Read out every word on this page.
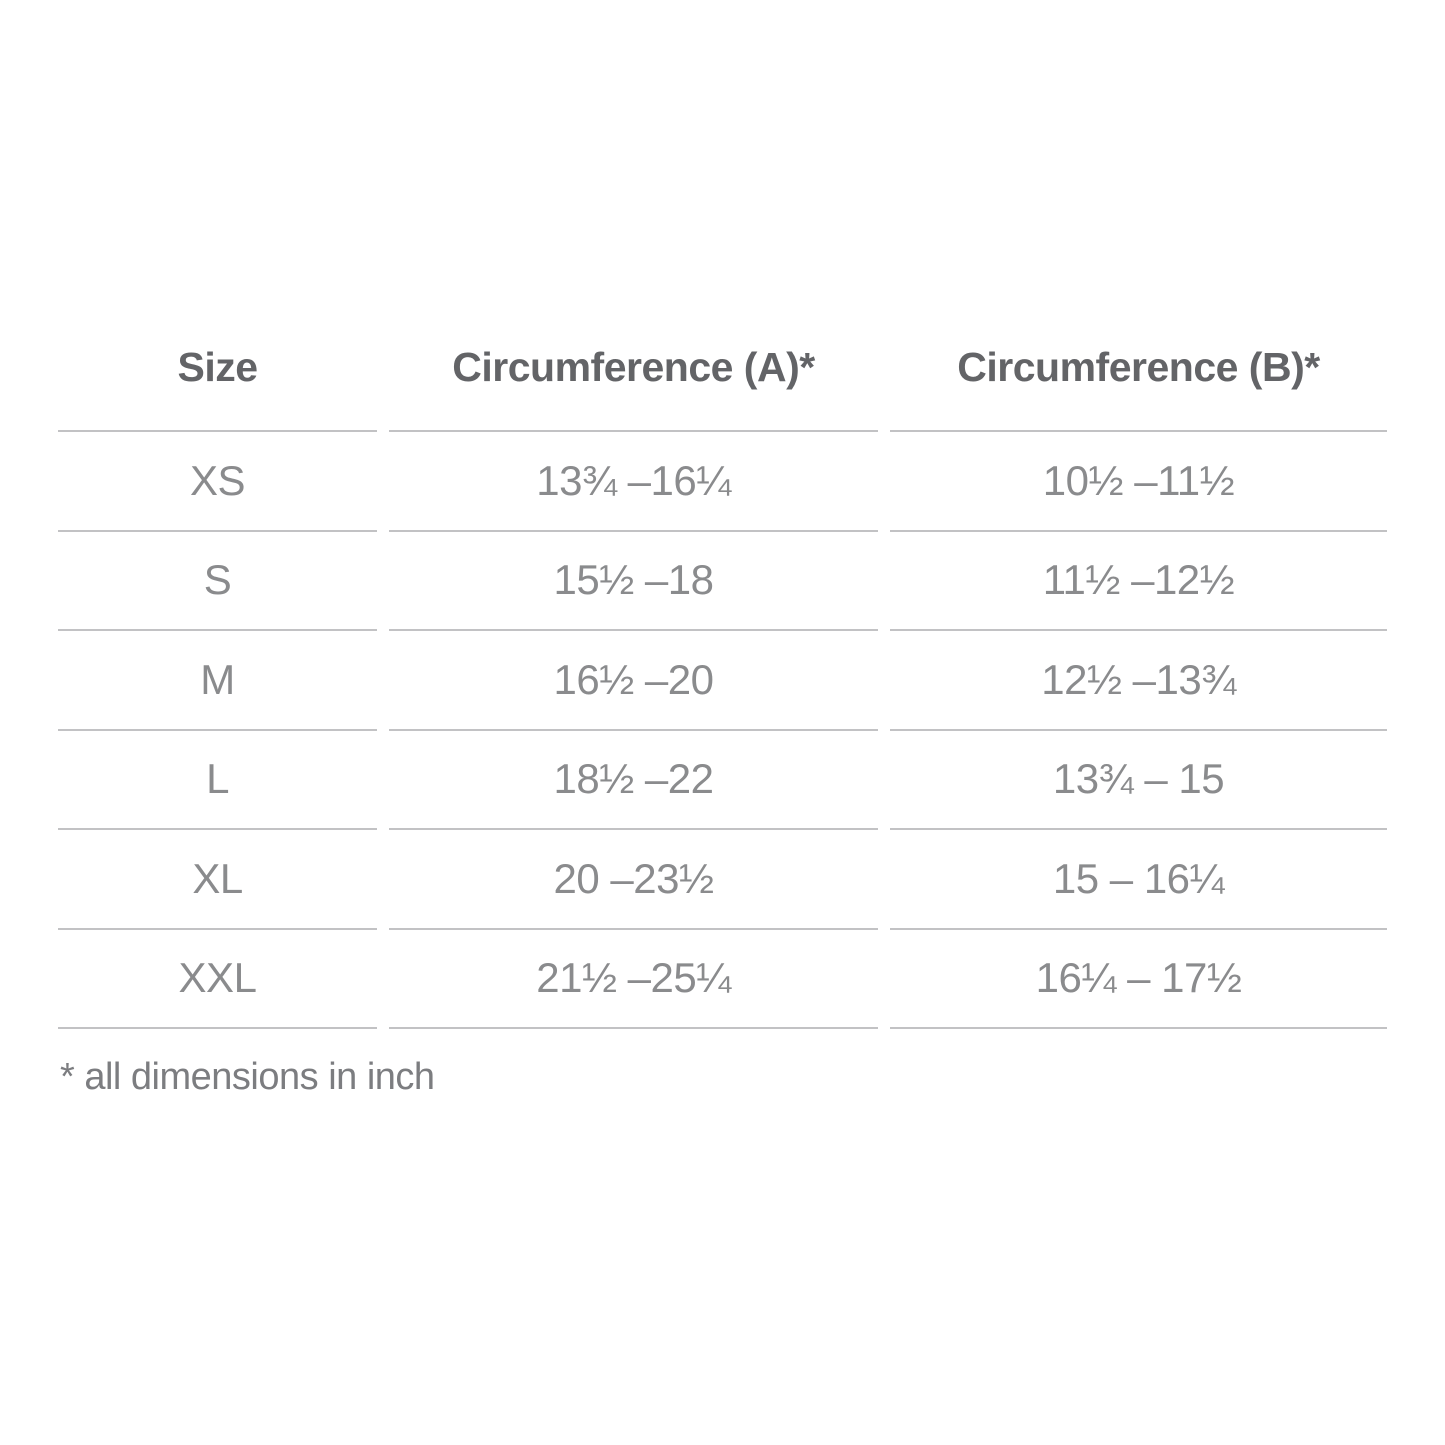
Size	Circumference (A)*	Circumference (B)*
XS	13¾ –16¼	10½ –11½
S	15½ –18	11½ –12½
M	16½ –20	12½ –13¾
L	18½ –22	13¾ – 15
XL	20 –23½	15 – 16¼
XXL	21½ –25¼	16¼ – 17½
* all dimensions in inch
